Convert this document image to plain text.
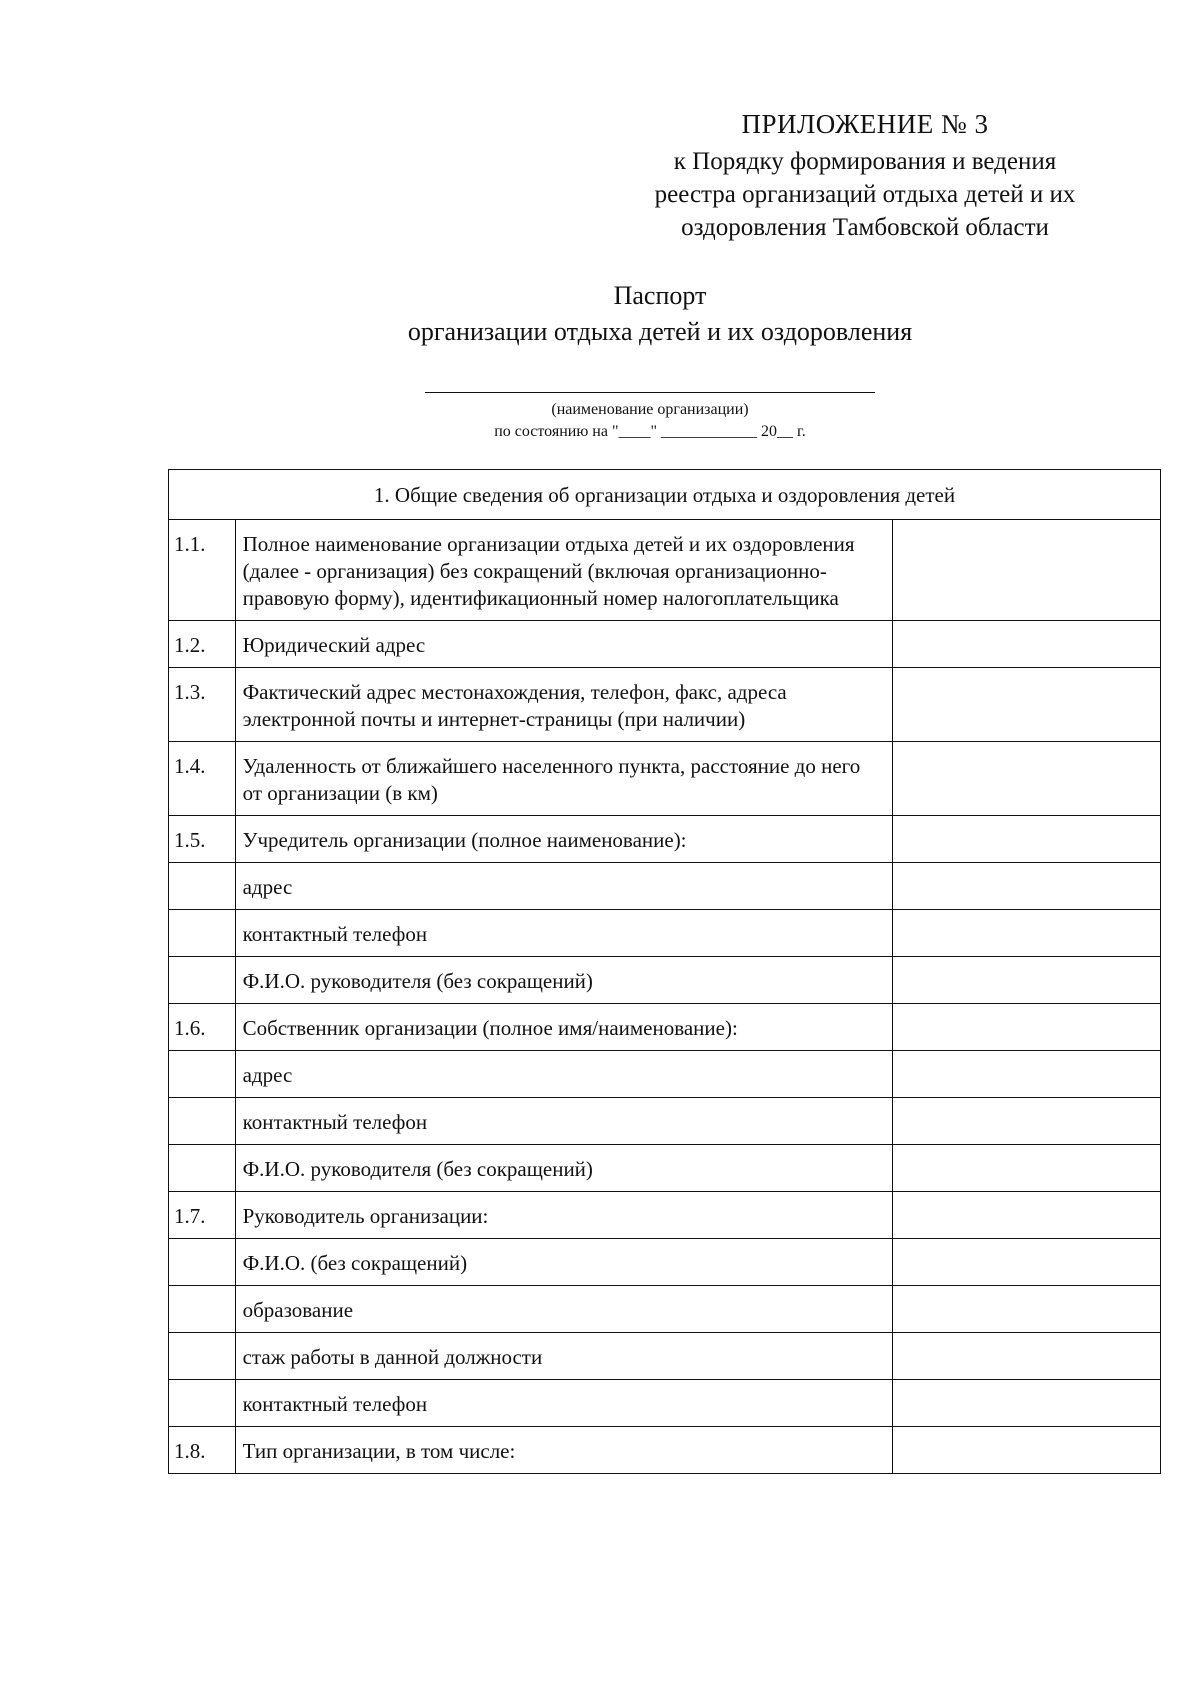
ПРИЛОЖЕНИЕ № 3
к Порядку формирования и ведения
реестра организаций отдыха детей и их
оздоровления Тамбовской области
Паспорт
организации отдыха детей и их оздоровления
(наименование организации)
по состоянию на "____" ____________ 20__ г.
1. Общие сведения об организации отдыха и оздоровления детей		
1.1.	Полное наименование организации отдыха детей и их оздоровления (далее - организация) без сокращений (включая организационно-правовую форму), идентификационный номер налогоплательщика	
1.2.	Юридический адрес	
1.3.	Фактический адрес местонахождения, телефон, факс, адреса электронной почты и интернет-страницы (при наличии)	
1.4.	Удаленность от ближайшего населенного пункта, расстояние до него от организации (в км)	
1.5.	Учредитель организации (полное наименование):	
	адрес	
	контактный телефон	
	Ф.И.О. руководителя (без сокращений)	
1.6.	Собственник организации (полное имя/наименование):	
	адрес	
	контактный телефон	
	Ф.И.О. руководителя (без сокращений)	
1.7.	Руководитель организации:	
	Ф.И.О. (без сокращений)	
	образование	
	стаж работы в данной должности	
	контактный телефон	
1.8.	Тип организации, в том числе:	
